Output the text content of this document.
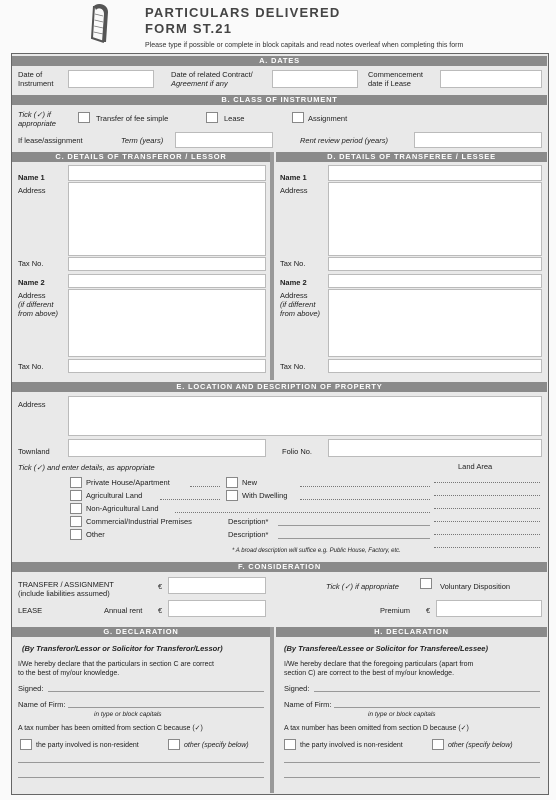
PARTICULARS DELIVERED
FORM ST.21
Please type if possible or complete in block capitals and read notes overleaf when completing this form
A. DATES
Date of
Instrument
Date of related Contract/
Agreement if any
Commencement
date if Lease
B. CLASS OF INSTRUMENT
Tick (✓) if
appropriate
Transfer of fee simple	Lease	Assignment
If lease/assignment	Term (years)	Rent review period (years)
C. DETAILS OF TRANSFEROR / LESSOR	D. DETAILS OF TRANSFEREE / LESSEE
Name 1
Address
Tax No.
Name 2
Address
(if different
from above)
Tax No.
Name 1
Address
Tax No.
Name 2
Address
(if different
from above)
Tax No.
E. LOCATION AND DESCRIPTION OF PROPERTY
Address
Townland	Folio No.
Tick (✓) and enter details, as appropriate	Land Area
Private House/Apartment	New
Agricultural Land	With Dwelling
Non-Agricultural Land
Commercial/Industrial Premises	Description*
Other	Description*
* A broad description will suffice e.g. Public House, Factory, etc.
F. CONSIDERATION
TRANSFER / ASSIGNMENT
(include liabilities assumed)
€	Tick (✓) if appropriate	Voluntary Disposition
LEASE	Annual rent €	Premium €
G. DECLARATION	H. DECLARATION
(By Transferor/Lessor or Solicitor for Transferor/Lessor)
I/We hereby declare that the particulars in section C are correct
to the best of my/our knowledge.
Signed:
Name of Firm:
in type or block capitals
A tax number has been omitted from section C because (✓)
the party involved is non-resident	other (specify below)
(By Transferee/Lessee or Solicitor for Transferee/Lessee)
I/We hereby declare that the foregoing particulars (apart from
section C) are correct to the best of my/our knowledge.
Signed:
Name of Firm:
in type or block capitals
A tax number has been omitted from section D because (✓)
the party involved is non-resident	other (specify below)
